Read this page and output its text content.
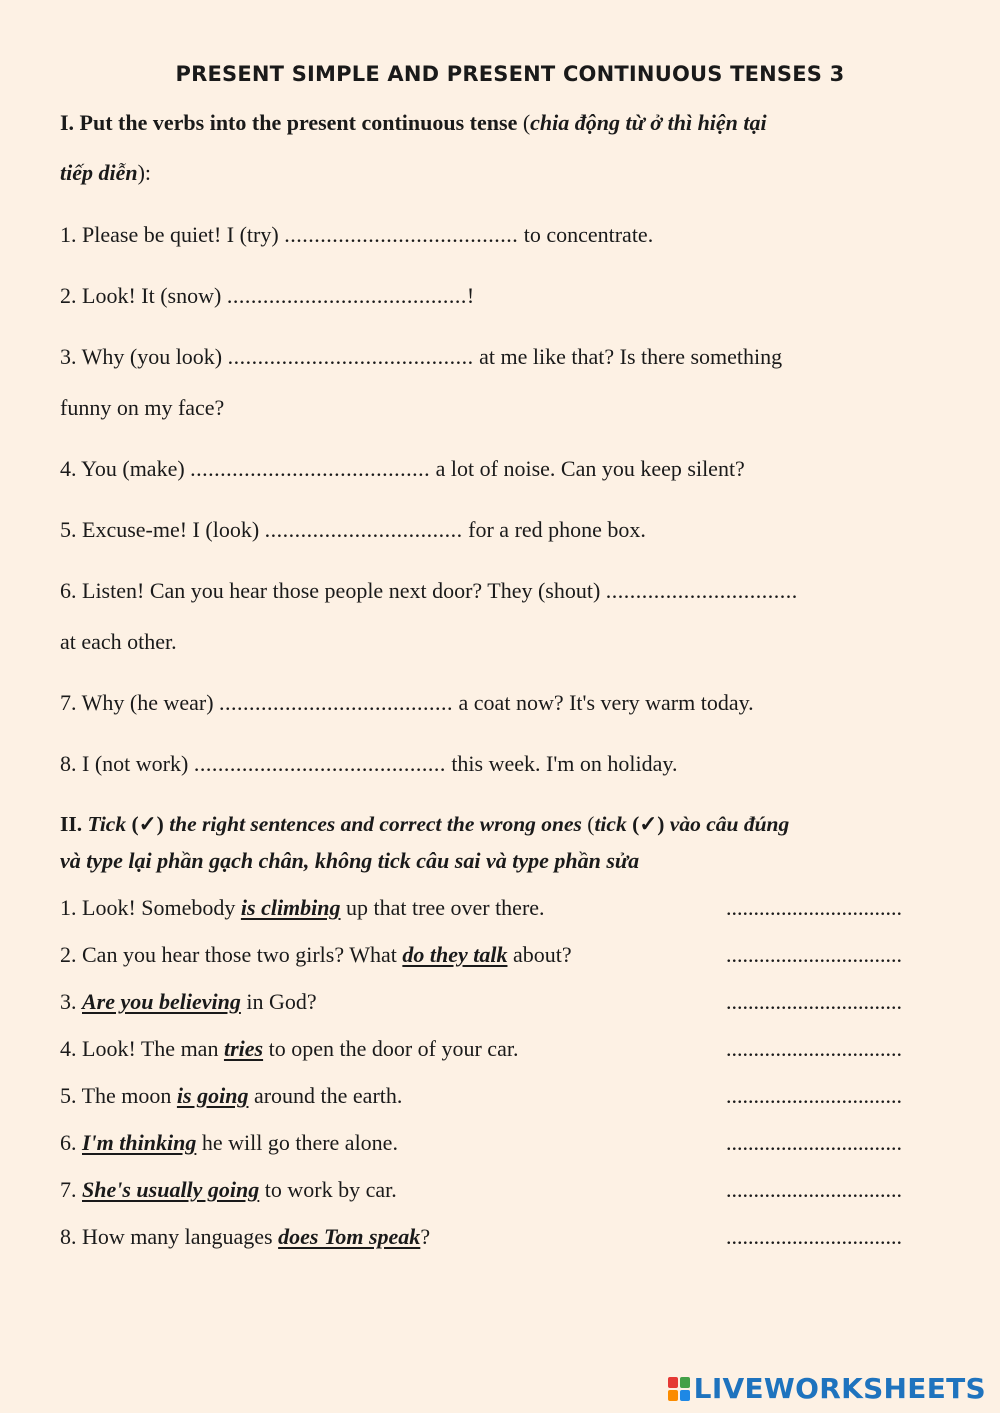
PRESENT SIMPLE AND PRESENT CONTINUOUS TENSES 3
I. Put the verbs into the present continuous tense (chia động từ ở thì hiện tại
tiếp diễn):
1. Please be quiet! I (try) ....................................... to concentrate.
2. Look! It (snow) ........................................!
3. Why (you look) ......................................... at me like that? Is there something
funny on my face?
4. You (make) ........................................ a lot of noise. Can you keep silent?
5. Excuse-me! I (look) ................................. for a red phone box.
6. Listen! Can you hear those people next door? They (shout) ................................
at each other.
7. Why (he wear) ....................................... a coat now? It's very warm today.
8. I (not work) .......................................... this week. I'm on holiday.
II. Tick (✓) the right sentences and correct the wrong ones (tick (✓) vào câu đúng
và type lại phần gạch chân, không tick câu sai và type phần sửa
1. Look! Somebody is climbing up that tree over there.	................................
2. Can you hear those two girls? What do they talk about?	................................
3. Are you believing in God?	................................
4. Look! The man tries to open the door of your car.	................................
5. The moon is going around the earth.	................................
6. I'm thinking he will go there alone.	................................
7. She's usually going to work by car.	................................
8. How many languages does Tom speak?	................................
LIVEWORKSHEETS
